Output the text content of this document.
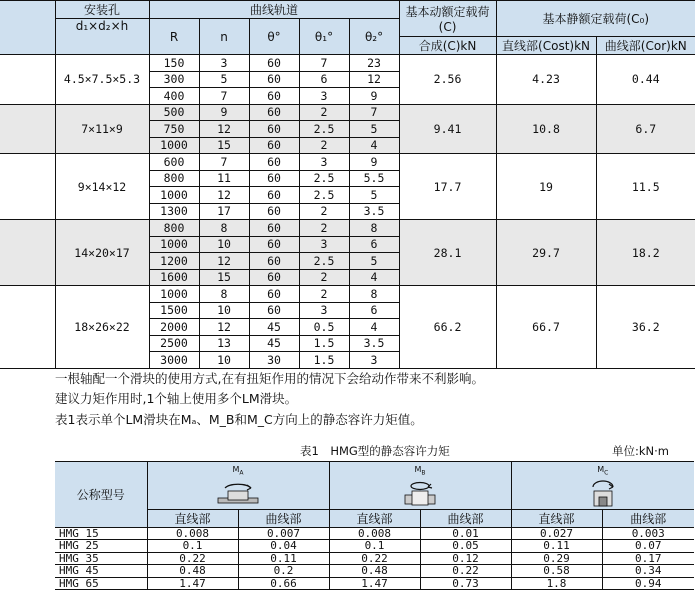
	安装孔	曲线轨道					基本动额定载荷(C)	基本静额定载荷(C₀)	
	d₁×d₂×h	R	n	θ°	θ₁°	θ₂°			
							合成(C)kN	直线部(Cost)kN	曲线部(Cor)kN
	4.5×7.5×5.3	150	3	60	7	23	2.56	4.23	0.44
		300	5	60	6	12			
		400	7	60	3	9			
	7×11×9	500	9	60	2	7	9.41	10.8	6.7
		750	12	60	2.5	5			
		1000	15	60	2	4			
	9×14×12	600	7	60	3	9	17.7	19	11.5
		800	11	60	2.5	5.5			
		1000	12	60	2.5	5			
		1300	17	60	2	3.5			
	14×20×17	800	8	60	2	8	28.1	29.7	18.2
		1000	10	60	3	6			
		1200	12	60	2.5	5			
		1600	15	60	2	4			
	18×26×22	1000	8	60	2	8	66.2	66.7	36.2
		1500	10	60	3	6			
		2000	12	45	0.5	4			
		2500	13	45	1.5	3.5			
		3000	10	30	1.5	3			
一根轴配一个滑块的使用方式,在有扭矩作用的情况下会给动作带来不利影响。
建议力矩作用时,1个轴上使用多个LM滑块。
表1表示单个LM滑块在Mₐ、M_B和M_C方向上的静态容许力矩值。
表1　HMG型的静态容许力矩	单位:kN·m
公称型号	$M_A$		$M_B$		$M_C$

	直线部	曲线部	直线部	曲线部	直线部	曲线部
HMG 15	0.008	0.007	0.008	0.01	0.027	0.003
HMG 25	0.1	0.04	0.1	0.05	0.11	0.07
HMG 35	0.22	0.11	0.22	0.12	0.29	0.17
HMG 45	0.48	0.2	0.48	0.22	0.58	0.34
HMG 65	1.47	0.66	1.47	0.73	1.8	0.94
